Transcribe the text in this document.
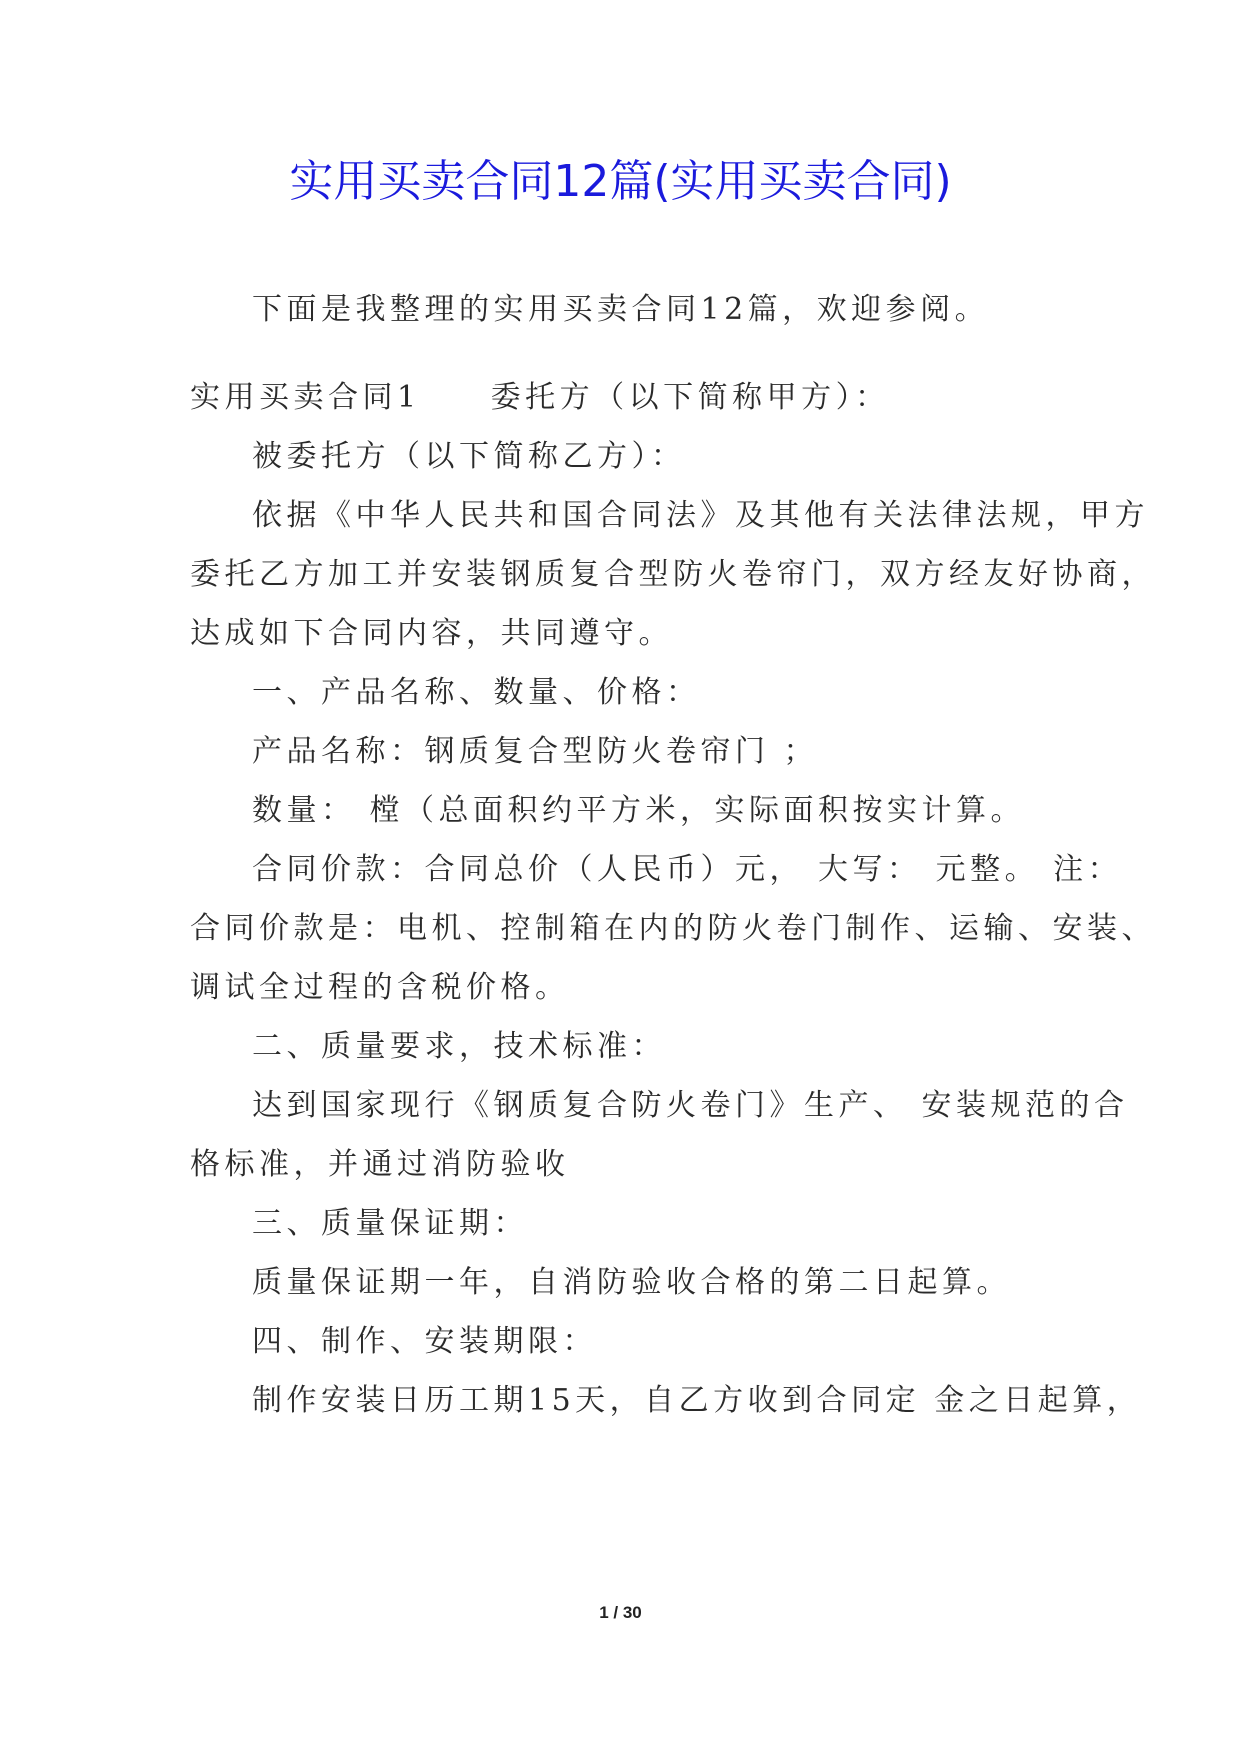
实用买卖合同12篇(实用买卖合同)
下面是我整理的实用买卖合同12篇，欢迎参阅。
实用买卖合同1 委托方（以下简称甲方）：
被委托方（以下简称乙方）：
依据《中华人民共和国合同法》及其他有关法律法规，甲方
委托乙方加工并安装钢质复合型防火卷帘门，双方经友好协商，
达成如下合同内容，共同遵守。
一、产品名称、数量、价格：
产品名称：钢质复合型防火卷帘门 ；
数量： 樘（总面积约平方米，实际面积按实计算。
合同价款：合同总价（人民币）元， 大写： 元整。 注：
合同价款是：电机、控制箱在内的防火卷门制作、运输、安装、
调试全过程的含税价格。
二、质量要求，技术标准：
达到国家现行《钢质复合防火卷门》生产、 安装规范的合
格标准，并通过消防验收
三、质量保证期：
质量保证期一年，自消防验收合格的第二日起算。
四、制作、安装期限：
制作安装日历工期15天，自乙方收到合同定 金之日起算，
1 / 30
